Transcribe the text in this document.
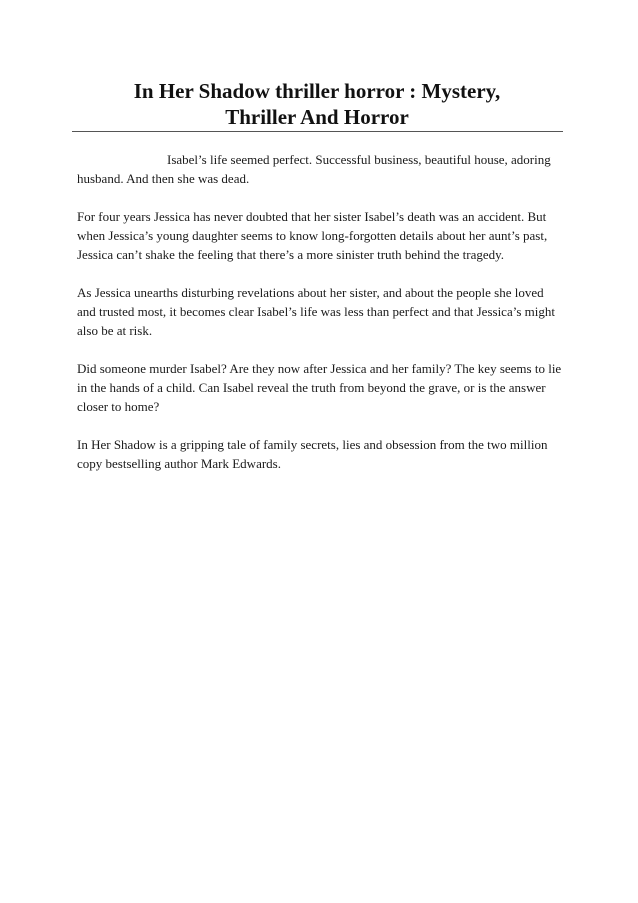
In Her Shadow thriller horror : Mystery,
Thriller And Horror

Isabel’s life seemed perfect. Successful business, beautiful house, adoring husband. And then she was dead.

For four years Jessica has never doubted that her sister Isabel’s death was an accident. But when Jessica’s young daughter seems to know long-forgotten details about her aunt’s past, Jessica can’t shake the feeling that there’s a more sinister truth behind the tragedy.

As Jessica unearths disturbing revelations about her sister, and about the people she loved and trusted most, it becomes clear Isabel’s life was less than perfect and that Jessica’s might also be at risk.

Did someone murder Isabel? Are they now after Jessica and her family? The key seems to lie in the hands of a child. Can Isabel reveal the truth from beyond the grave, or is the answer closer to home?

In Her Shadow is a gripping tale of family secrets, lies and obsession from the two million copy bestselling author Mark Edwards.
